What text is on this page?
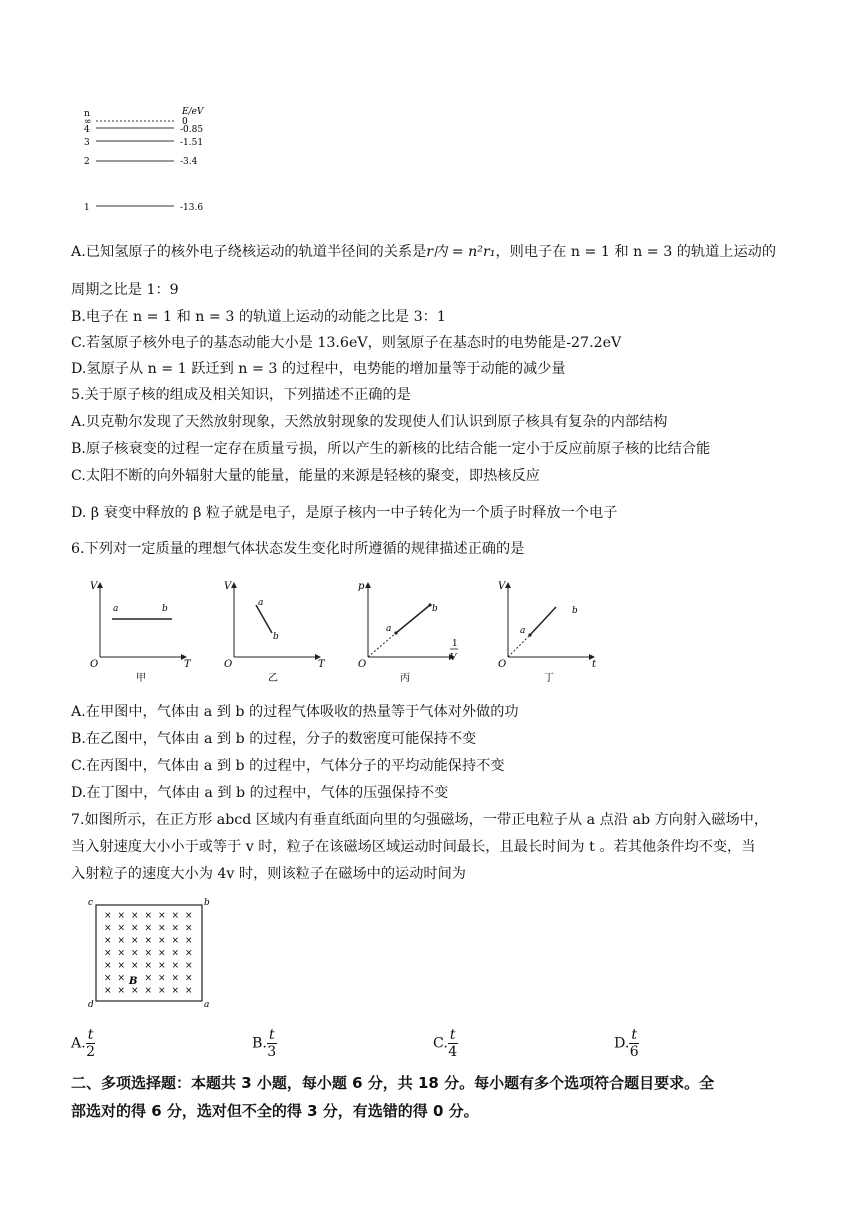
n	E/eV
∞	0
4	-0.85
3	-1.51
2	-3.4
1	-13.6
A.已知氢原子的核外电子绕核运动的轨道半径间的关系是r内 = n²r₁，则电子在 n = 1 和 n = 3 的轨道上运动的
周期之比是 1：9
B.电子在 n = 1 和 n = 3 的轨道上运动的动能之比是 3：1
C.若氢原子核外电子的基态动能大小是 13.6eV，则氢原子在基态时的电势能是-27.2eV
D.氢原子从 n = 1 跃迁到 n = 3 的过程中，电势能的增加量等于动能的减少量
5.关于原子核的组成及相关知识，下列描述不正确的是
A.贝克勒尔发现了天然放射现象，天然放射现象的发现使人们认识到原子核具有复杂的内部结构
B.原子核衰变的过程一定存在质量亏损，所以产生的新核的比结合能一定小于反应前原子核的比结合能
C.太阳不断的向外辐射大量的能量，能量的来源是轻核的聚变，即热核反应
D. β 衰变中释放的 β 粒子就是电子，是原子核内一中子转化为一个质子时释放一个电子
6.下列对一定质量的理想气体状态发生变化时所遵循的规律描述正确的是
V
T
O
a	b
甲
V
T
O
a
b
乙
p
1
V
O
a
b
丙
V
t
O
a
b
丁
A.在甲图中，气体由 a 到 b 的过程气体吸收的热量等于气体对外做的功
B.在乙图中，气体由 a 到 b 的过程，分子的数密度可能保持不变
C.在丙图中，气体由 a 到 b 的过程中，气体分子的平均动能保持不变
D.在丁图中，气体由 a 到 b 的过程中，气体的压强保持不变
7.如图所示，在正方形 abcd 区域内有垂直纸面向里的匀强磁场，一带正电粒子从 a 点沿 ab 方向射入磁场中，
当入射速度大小小于或等于 v 时，粒子在该磁场区域运动时间最长，且最长时间为 t 。若其他条件均不变，当
入射粒子的速度大小为 4v 时，则该粒子在磁场中的运动时间为
c	b
d	a
× × × × × × ×
× × × × × × ×
× × × × × × ×
× × × × × × ×
× × × × × × ×
× × × × × ×
× × × × × × ×
B
A. $\frac{t}{2}$	B. $\frac{t}{3}$	C. $\frac{t}{4}$	D. $\frac{t}{6}$
二、多项选择题：本题共 3 小题，每小题 6 分，共 18 分。每小题有多个选项符合题目要求。全
部选对的得 6 分，选对但不全的得 3 分，有选错的得 0 分。
